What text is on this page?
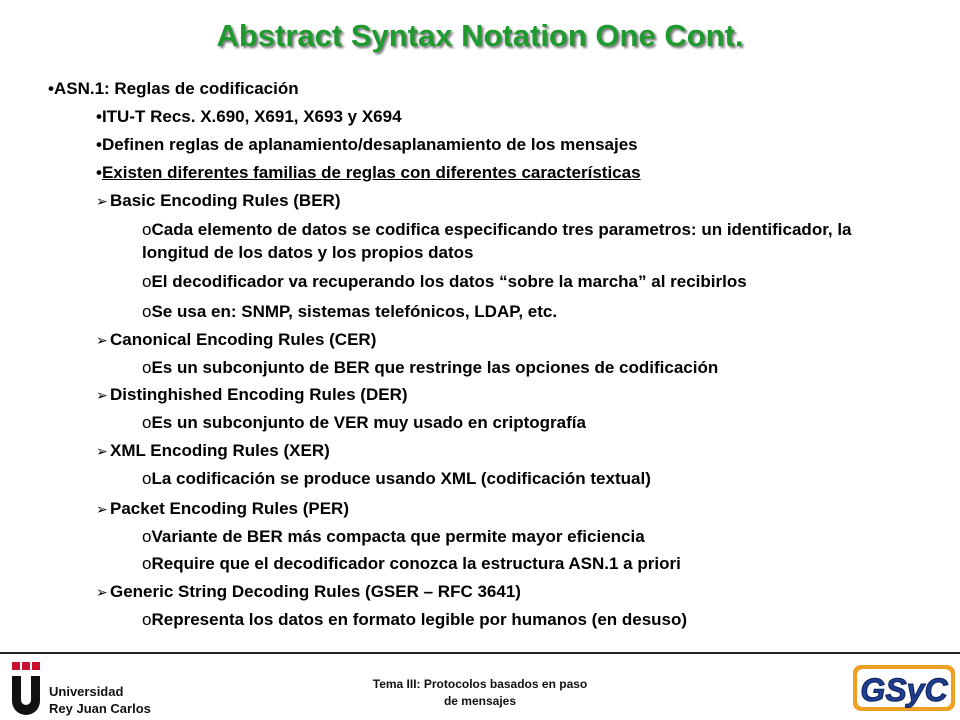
Abstract Syntax Notation One Cont.
•ASN.1: Reglas de codificación
•ITU-T Recs. X.690, X691, X693 y X694
•Definen reglas de aplanamiento/desaplanamiento de los mensajes
•Existen diferentes familias de reglas con diferentes características
➢ Basic Encoding Rules (BER)
oCada elemento de datos se codifica especificando tres parametros: un identificador, la longitud de los datos y los propios datos
oEl decodificador va recuperando los datos “sobre la marcha” al recibirlos
oSe usa en: SNMP, sistemas telefónicos, LDAP, etc.
➢ Canonical Encoding Rules (CER)
oEs un subconjunto de BER que restringe las opciones de codificación
➢ Distinghished Encoding Rules (DER)
oEs un subconjunto de VER muy usado en criptografía
➢ XML Encoding Rules (XER)
oLa codificación se produce usando XML (codificación textual)
➢ Packet Encoding Rules (PER)
oVariante de BER más compacta que permite mayor eficiencia
oRequire que el decodificador conozca la estructura ASN.1 a priori
➢ Generic String Decoding Rules (GSER – RFC 3641)
oRepresenta los datos en formato legible por humanos (en desuso)
Universidad
Rey Juan Carlos
Tema III: Protocolos basados en paso
de mensajes	GSyC
